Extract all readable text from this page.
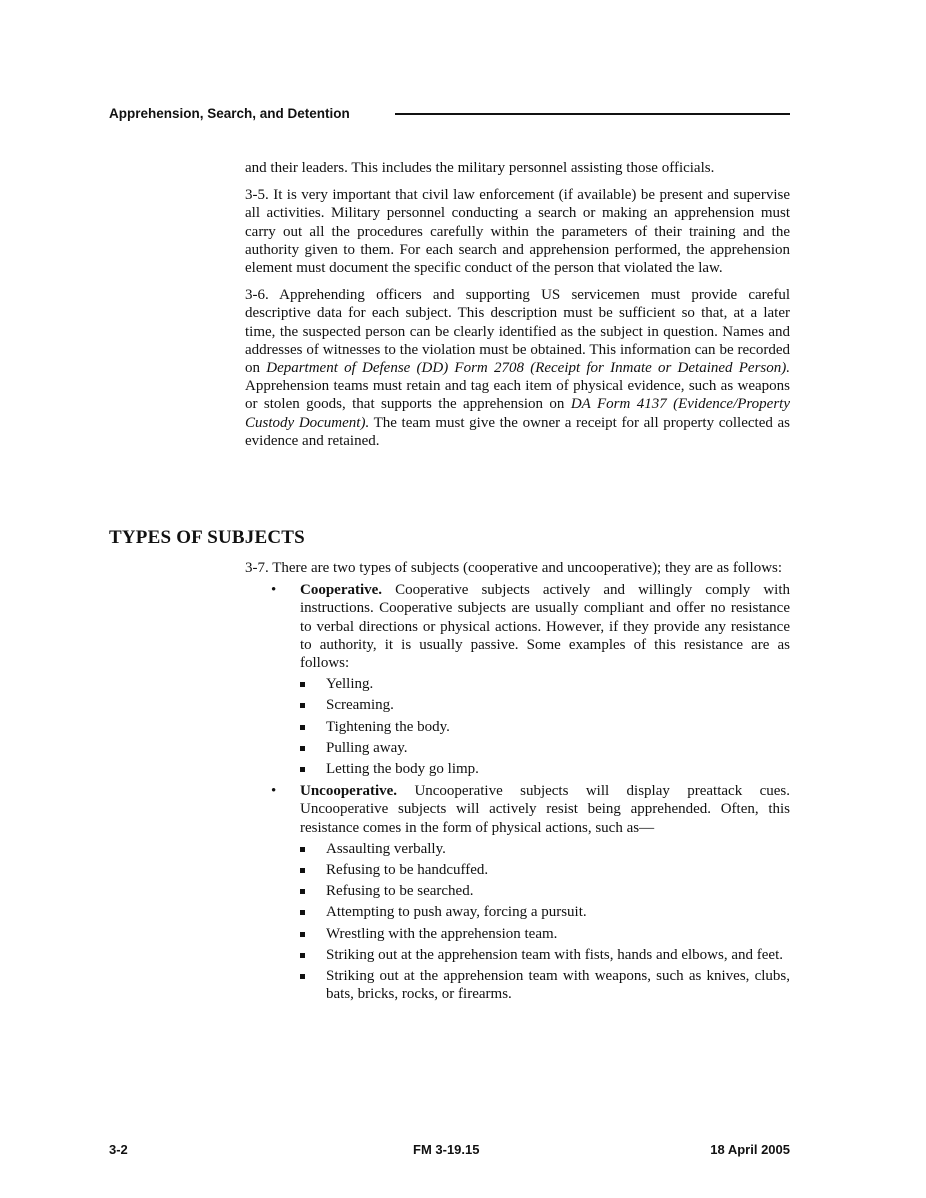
Apprehension, Search, and Detention

and their leaders. This includes the military personnel assisting those officials.

3-5. It is very important that civil law enforcement (if available) be present and supervise all activities. Military personnel conducting a search or making an apprehension must carry out all the procedures carefully within the parameters of their training and the authority given to them. For each search and apprehension performed, the apprehension element must document the specific conduct of the person that violated the law.

3-6. Apprehending officers and supporting US servicemen must provide careful descriptive data for each subject. This description must be sufficient so that, at a later time, the suspected person can be clearly identified as the subject in question. Names and addresses of witnesses to the violation must be obtained. This information can be recorded on Department of Defense (DD) Form 2708 (Receipt for Inmate or Detained Person). Apprehension teams must retain and tag each item of physical evidence, such as weapons or stolen goods, that supports the apprehension on DA Form 4137 (Evidence/Property Custody Document). The team must give the owner a receipt for all property collected as evidence and retained.

TYPES OF SUBJECTS

3-7. There are two types of subjects (cooperative and uncooperative); they are as follows:

• Cooperative. Cooperative subjects actively and willingly comply with instructions. Cooperative subjects are usually compliant and offer no resistance to verbal directions or physical actions. However, if they provide any resistance to authority, it is usually passive. Some examples of this resistance are as follows:
Yelling.
Screaming.
Tightening the body.
Pulling away.
Letting the body go limp.
• Uncooperative. Uncooperative subjects will display preattack cues. Uncooperative subjects will actively resist being apprehended. Often, this resistance comes in the form of physical actions, such as—
Assaulting verbally.
Refusing to be handcuffed.
Refusing to be searched.
Attempting to push away, forcing a pursuit.
Wrestling with the apprehension team.
Striking out at the apprehension team with fists, hands and elbows, and feet.
Striking out at the apprehension team with weapons, such as knives, clubs, bats, bricks, rocks, or firearms.
3-2	FM 3-19.15	18 April 2005
